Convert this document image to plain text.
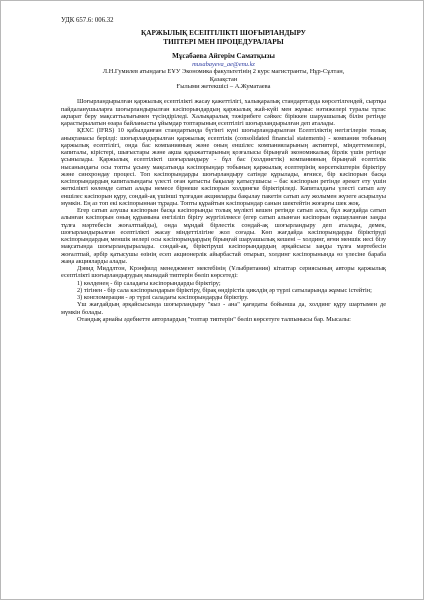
УДК 657.6: 006.32
ҚАРЖЫЛЫҚ ЕСЕПТІЛІКТІ ШОҒЫРЛАНДЫРУ
ТИПТЕРІ МЕН ПРОЦЕДУРАЛАРЫ
Мұсабаева Айгерім Саматқызы
musabayeva_ae@enu.kz
Л.Н.Гумилев атындағы ЕҰУ Экономика факультетінің 2 курс магистранты, Нұр-Сұлтан,
Қазақстан
Ғылыми жетекшісі – А.Жуматаева

Шоғырландырылған қаржылық есептілікті жасау қажеттілігі, халықаралық стандарттарда көрсетілгендей, сыртқы пайдаланушыларға шоғырландырылған кәсіпорындардың қаржылық жай-күйі мен жұмыс нәтижелері туралы тұтас ақпарат беру мақсаттылығымен түсіндіріледі. Халықаралық тәжірибеге сәйкес біріккен шаруашылық білім ретінде қарастырылатын өзара байланысты ұйымдар топтарының есептілігі шоғырландырылған деп аталады.

ҚЕХС (IFRS) 10 қабылданған стандартында бүгінгі күні шоғырландырылған Есептіліктің негізгілерін толық анықтамасы берілді: шоғырландырылған қаржылық есептілік (consolidated financial statements) - компания тобының қаржылық есептілігі, онда бас компанияның және оның еншілес компанияларының активтері, міндеттемелері, капиталы, кірістері, шығыстары және ақша қаражаттарының қозғалысы бірыңғай экономикалық бірлік үшін ретінде ұсынылады. Қаржылық есептілікті шоғырландыру - бұл бас (холдингтік) компанияның бірыңғай есептілік нысанындағы осы топты ұсыну мақсатында кәсіпорындар тобының қаржылық есептерінің көрсеткіштерін біріктіру және синхрондау процесі. Топ кәсіпорындарды шоғырландыру сатінде құрылады, яғнисе, бір кәсіпорын басқа кәсіпорындардың капиталындағы үлесті оған қатысты бақылау қатысушысы – бас кәсіпорын ретінде әрекет ету үшін жеткілікті көлемде сатып алады немесе бірнеше кәсіпорын холдингке біріктіріледі. Капиталдағы үлесті сатып алу еншілес кәсіпорын құру, сондай-ақ үшінші тұлғадан акцияларды бақылау пакетін сатып алу жолымен жүзеге асырылуы мүмкін. Ең аз топ екі кәсіпорыннан тұрады. Топты құрайтын кәсіпорындар санын шектейтін жоғарғы шек жоқ.

Егер сатып алушы кәсіпорын басқа кәсіпорынды толық мүлікті кешен ретінде сатып алса, бұл жағдайда сатып алынған кәсіпорын оның құрамына енгізіліп бірігу жүргізілмесе (егер сатып алынған кәсіпорын оқшауланған заңды тұлға мәртебесін жоғалтпайды), онда мұндай бірлестік сондай-ақ шоғырландыру деп аталады, демек, шоғырландырылған есептілікті жасау міндеттілігіне жол соғады. Көп жағдайда кәсіпорындарды біріктіруді кәсіпорындардың меншік иелері осы кәсіпорындардың бірыңғай шаруашылық кешені – холдинг, яғни меншік иесі бізу мақсатында шоғырландырылады. сондай-ақ, біріктірушi кәсіпорындардың әрқайсысы заңды тұлға мәртебесін жоғалтпай, әрбір қатысушы өзінің есеп акционерлік айырбастай отырып, холдинг кәсіпорынында өз үлесіне бараба жаңа акцияларды алады.

Дэвид Миддлтон, Крэнфилд менеджмент мектебінің (Ұлыбритания) кітаптар сериясының авторы қаржылық есептілікті шоғырландырудың мынадай типтерін бөліп көрсетеді:

1) көлденең - бір саладағы кәсіпорындарды біріктіру;

2) тігінен - бір сала кәсіпорындарын біріктіру, бірақ өндірістік циклдің әр түрлі сатыларында жұмыс істейтін;

3) конгломерация - әр түрлі саладағы кәсіпорындарды біріктіру.

Үш жағдайдың әрқайсысында шоғырландыру "кыз - ана" қағидаты бойынша да, холдинг құру шартымен де мүмкін болады.

Отандық арнайы әдебиетте авторлардың "топтар типтерін" бөліп көрсетуге талпынысы бар. Мысалы:
